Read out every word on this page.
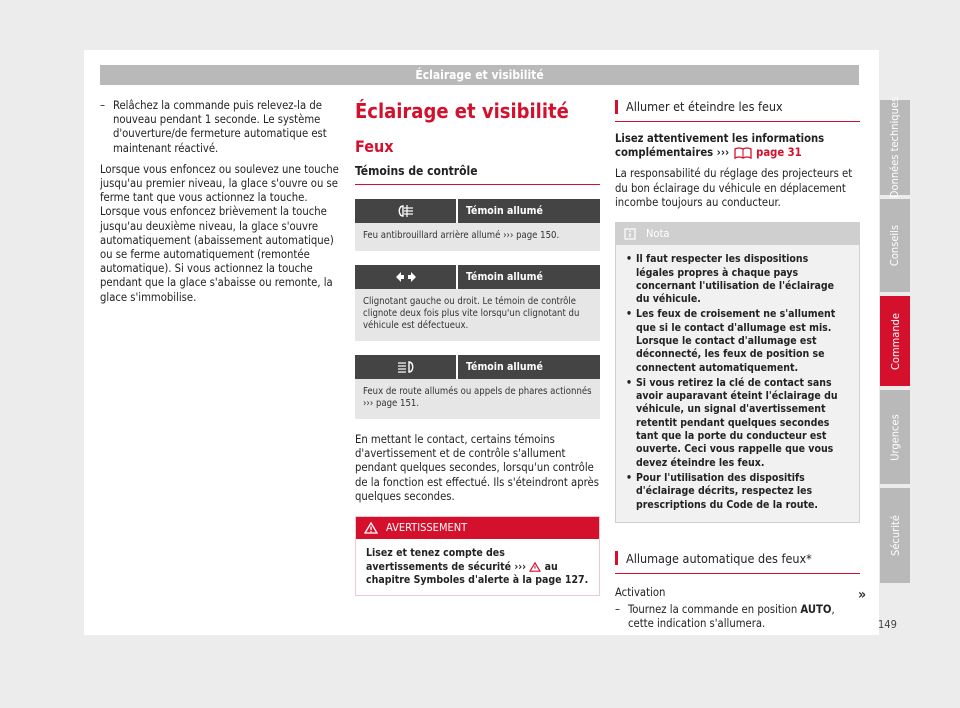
Éclairage et visibilité
– Relâchez la commande puis relevez-la de nouveau pendant 1 seconde. Le système d'ouverture/de fermeture automatique est maintenant réactivé.

Lorsque vous enfoncez ou soulevez une touche jusqu'au premier niveau, la glace s'ouvre ou se ferme tant que vous actionnez la touche. Lorsque vous enfoncez brièvement la touche jusqu'au deuxième niveau, la glace s'ouvre automatiquement (abaissement automatique) ou se ferme automatiquement (remontée automatique). Si vous actionnez la touche pendant que la glace s'abaisse ou remonte, la glace s'immobilise.

Éclairage et visibilité
Feux
Témoins de contrôle
Témoin allumé
Feu antibrouillard arrière allumé ››› page 150.
Témoin allumé
Clignotant gauche ou droit. Le témoin de contrôle clignote deux fois plus vite lorsqu'un clignotant du véhicule est défectueux.
Témoin allumé
Feux de route allumés ou appels de phares actionnés ››› page 151.

En mettant le contact, certains témoins d'avertissement et de contrôle s'allument pendant quelques secondes, lorsqu'un contrôle de la fonction est effectué. Ils s'éteindront après quelques secondes.

AVERTISSEMENT
Lisez et tenez compte des avertissements de sécurité ››› au chapitre Symboles d'alerte à la page 127.
Allumer et éteindre les feux

Lisez attentivement les informations complémentaires ››› page 31

La responsabilité du réglage des projecteurs et du bon éclairage du véhicule en déplacement incombe toujours au conducteur.

Nota
• Il faut respecter les dispositions légales propres à chaque pays concernant l'utilisation de l'éclairage du véhicule.
• Les feux de croisement ne s'allument que si le contact d'allumage est mis. Lorsque le contact d'allumage est déconnecté, les feux de position se connectent automatiquement.
• Si vous retirez la clé de contact sans avoir auparavant éteint l'éclairage du véhicule, un signal d'avertissement retentit pendant quelques secondes tant que la porte du conducteur est ouverte. Ceci vous rappelle que vous devez éteindre les feux.
• Pour l'utilisation des dispositifs d'éclairage décrits, respectez les prescriptions du Code de la route.
Allumage automatique des feux*

Activation

– Tournez la commande en position AUTO, cette indication s'allumera.
»
Données techniques
Conseils
Commande
Urgences
Sécurité
149
